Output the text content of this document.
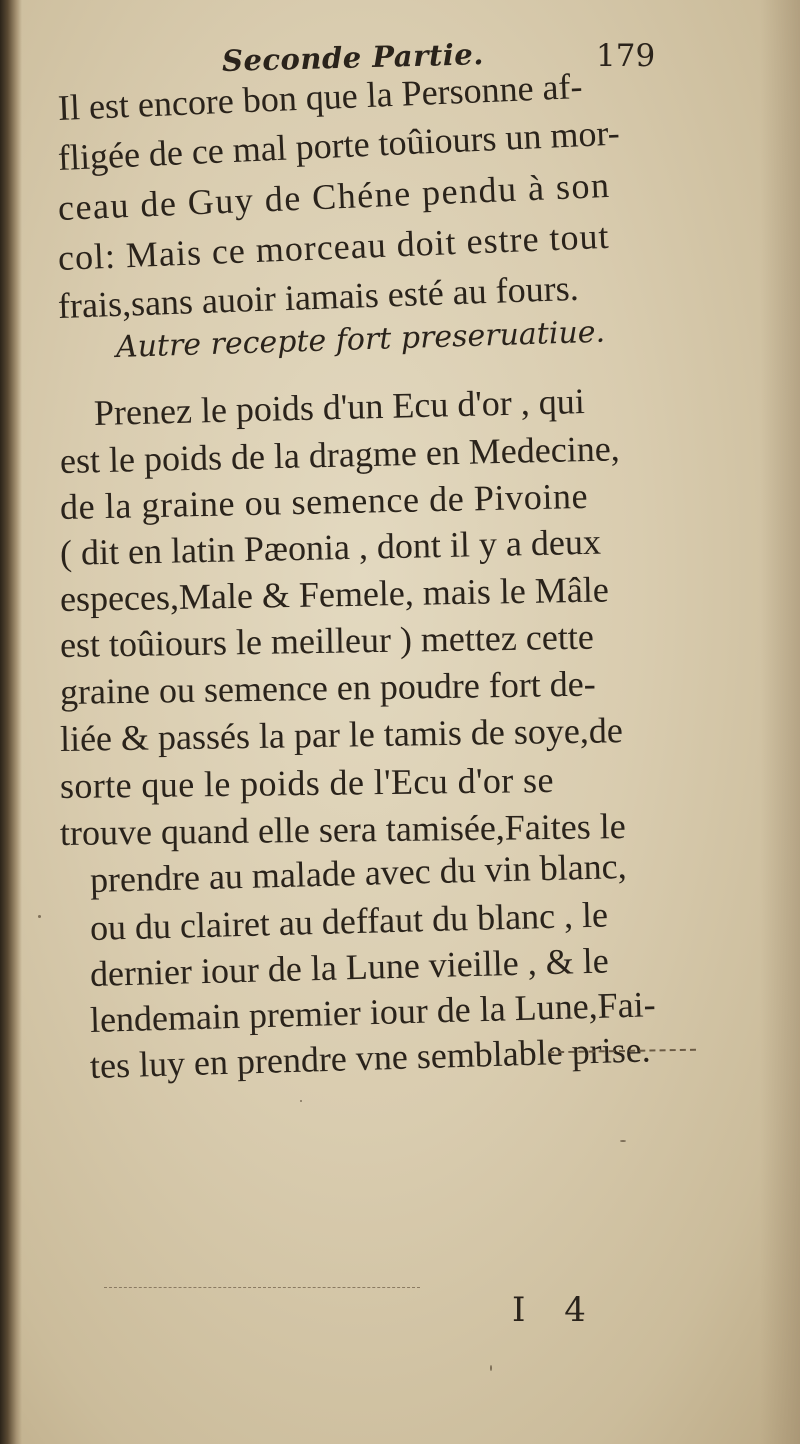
Seconde Partie.	179
Il est encore bon que la Personne af-
fligée de ce mal porte toûiours un mor-
ceau de Guy de Chéne pendu à son
col: Mais ce morceau doit estre tout
frais,sans auoir iamais esté au fours.
Autre recepte fort preseruatiue.
Prenez le poids d'un Ecu d'or , qui
est le poids de la dragme en Medecine,
de la graine ou semence de Pivoine
( dit en latin Pæonia , dont il y a deux
especes,Male & Femele, mais le Mâle
est toûiours le meilleur ) mettez cette
graine ou semence en poudre fort de-
liée & passés la par le tamis de soye,de
sorte que le poids de l'Ecu d'or se
trouve quand elle sera tamisée,Faites le
prendre au malade avec du vin blanc,
ou du clairet au deffaut du blanc , le
dernier iour de la Lune vieille , & le
lendemain premier iour de la Lune,Fai-
tes luy en prendre vne semblable prise.
I 4
